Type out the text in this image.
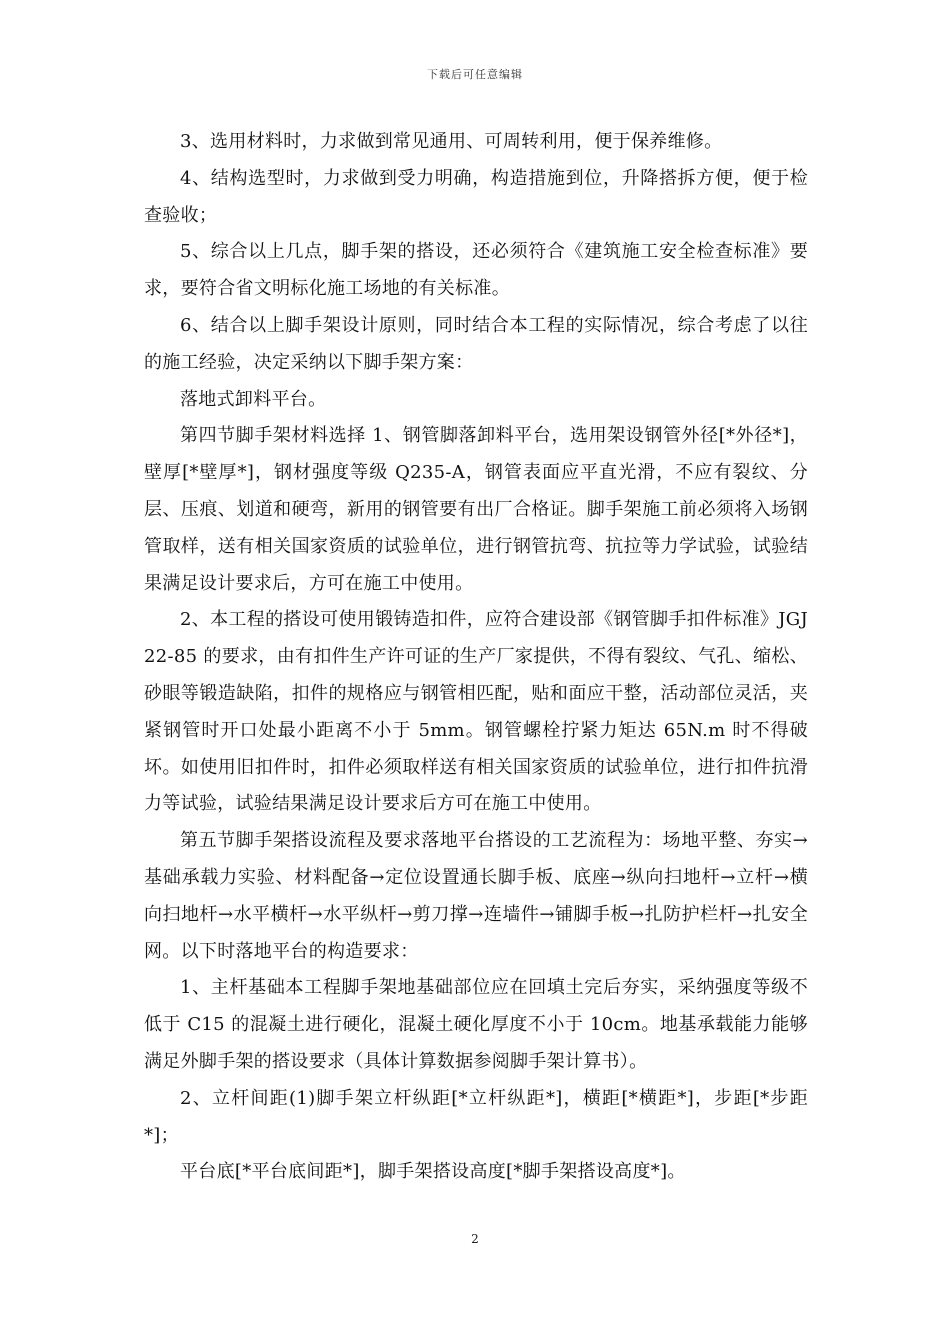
下载后可任意编辑

3、选用材料时，力求做到常见通用、可周转利用，便于保养维修。

4、结构选型时，力求做到受力明确，构造措施到位，升降搭拆方便，便于检查验收；

5、综合以上几点，脚手架的搭设，还必须符合《建筑施工安全检查标准》要求，要符合省文明标化施工场地的有关标准。

6、结合以上脚手架设计原则，同时结合本工程的实际情况，综合考虑了以往的施工经验，决定采纳以下脚手架方案：

落地式卸料平台。

第四节脚手架材料选择 1、钢管脚落卸料平台，选用架设钢管外径[*外径*]，壁厚[*壁厚*]，钢材强度等级 Q235-A，钢管表面应平直光滑，不应有裂纹、分层、压痕、划道和硬弯，新用的钢管要有出厂合格证。脚手架施工前必须将入场钢管取样，送有相关国家资质的试验单位，进行钢管抗弯、抗拉等力学试验，试验结果满足设计要求后，方可在施工中使用。

2、本工程的搭设可使用锻铸造扣件，应符合建设部《钢管脚手扣件标准》JGJ22-85 的要求，由有扣件生产许可证的生产厂家提供，不得有裂纹、气孔、缩松、砂眼等锻造缺陷，扣件的规格应与钢管相匹配，贴和面应干整，活动部位灵活，夹紧钢管时开口处最小距离不小于 5mm。钢管螺栓拧紧力矩达 65N.m 时不得破坏。如使用旧扣件时，扣件必须取样送有相关国家资质的试验单位，进行扣件抗滑力等试验，试验结果满足设计要求后方可在施工中使用。

第五节脚手架搭设流程及要求落地平台搭设的工艺流程为：场地平整、夯实→基础承载力实验、材料配备→定位设置通长脚手板、底座→纵向扫地杆→立杆→横向扫地杆→水平横杆→水平纵杆→剪刀撑→连墙件→铺脚手板→扎防护栏杆→扎安全网。以下时落地平台的构造要求：

1、主杆基础本工程脚手架地基础部位应在回填土完后夯实，采纳强度等级不低于 C15 的混凝土进行硬化，混凝土硬化厚度不小于 10cm。地基承载能力能够满足外脚手架的搭设要求（具体计算数据参阅脚手架计算书）。

2、立杆间距(1)脚手架立杆纵距[*立杆纵距*]，横距[*横距*]，步距[*步距*]；

平台底[*平台底间距*]，脚手架搭设高度[*脚手架搭设高度*]。

2
